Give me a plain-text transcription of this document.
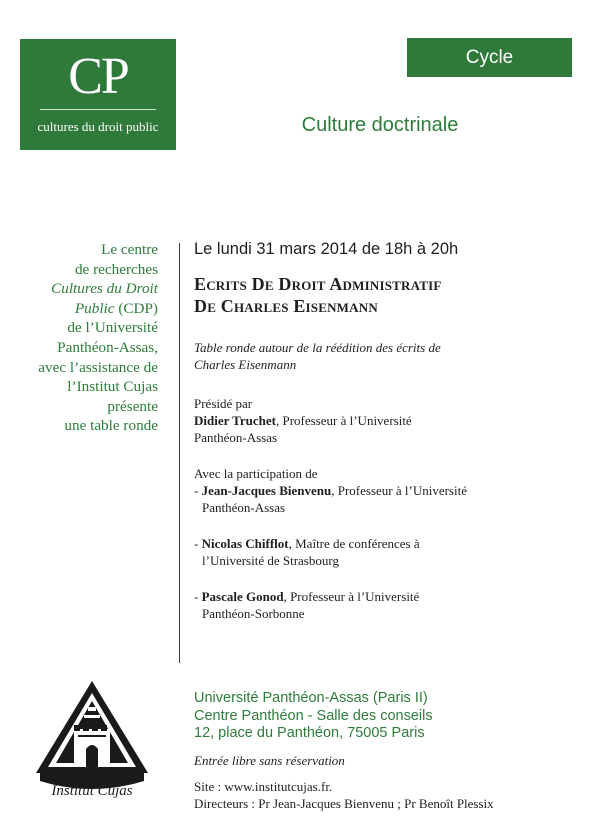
CP
cultures du droit public
Cycle
Culture doctrinale
Le centre
de recherches
Cultures du Droit
Public (CDP)
de l’Université
Panthéon-Assas,
avec l’assistance de
l’Institut Cujas
présente
une table ronde
Le lundi 31 mars 2014 de 18h à 20h
Ecrits De Droit Administratif
De Charles Eisenmann
Table ronde autour de la réédition des écrits de
Charles Eisenmann
Présidé par
Didier Truchet, Professeur à l’Université
Panthéon-Assas
Avec la participation de
- Jean-Jacques Bienvenu, Professeur à l’Université
Panthéon-Assas
- Nicolas Chifflot, Maître de conférences à
l’Université de Strasbourg
- Pascale Gonod, Professeur à l’Université
Panthéon-Sorbonne
Université Panthéon-Assas (Paris II)
Centre Panthéon - Salle des conseils
12, place du Panthéon, 75005 Paris
Entrée libre sans réservation
Site : www.institutcujas.fr.
Directeurs : Pr Jean-Jacques Bienvenu ; Pr Benoît Plessix
Institut Cujas
